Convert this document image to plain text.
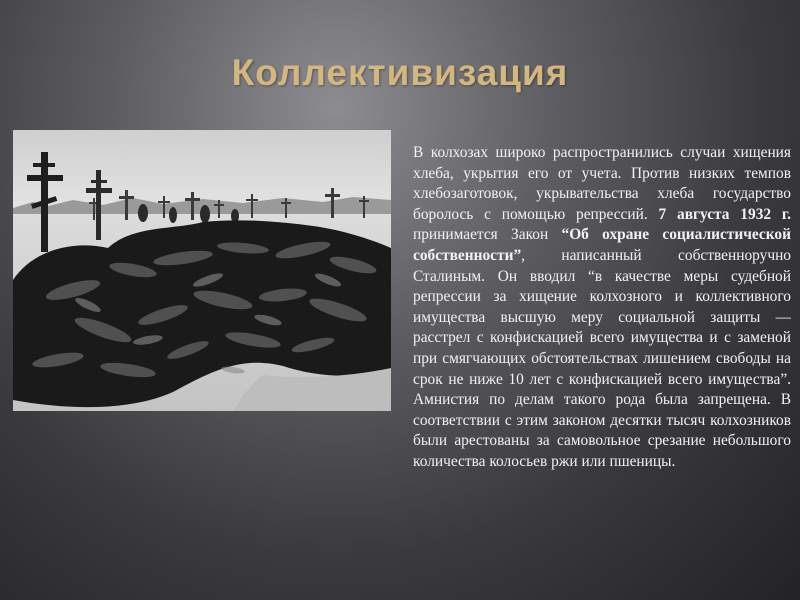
Коллективизация

В колхозах широко распространились случаи хищения хлеба, укрытия его от учета. Против низких темпов хлебозаготовок, укрывательства хлеба государство боролось с помощью репрессий. 7 августа 1932 г. принимается Закон “Об охране социалистической собственности”, написанный собственноручно Сталиным. Он вводил “в качестве меры судебной репрессии за хищение колхозного и коллективного имущества высшую меру социальной защиты — расстрел с конфискацией всего имущества и с заменой при смягчающих обстоятельствах лишением свободы на срок не ниже 10 лет с конфискацией всего имущества”. Амнистия по делам такого рода была запрещена. В соответствии с этим законом десятки тысяч колхозников были арестованы за самовольное срезание небольшого количества колосьев ржи или пшеницы.
